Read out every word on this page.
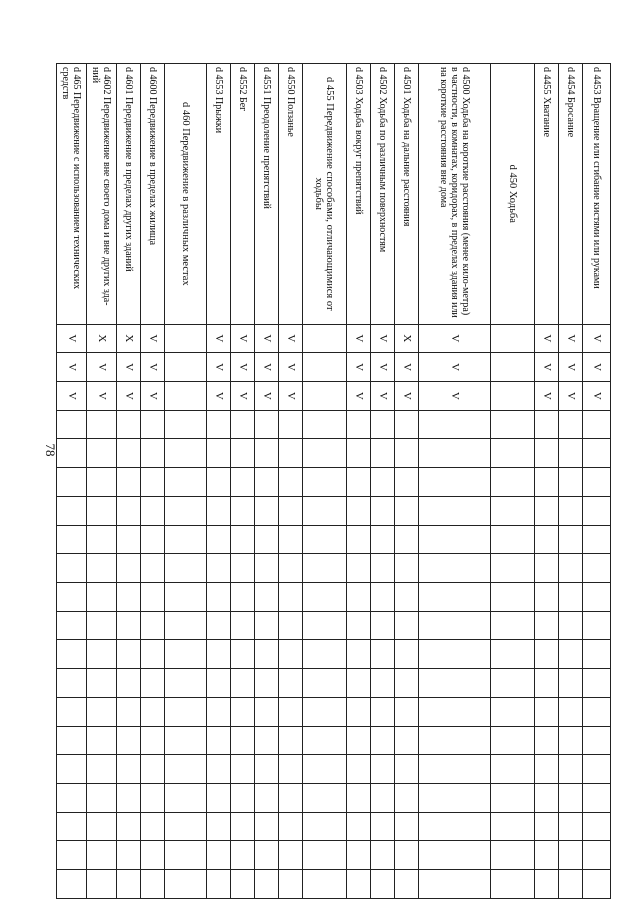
78
d 4453 Вращение или сгибание кистями или руками	V	V	V																	
d 4454 Бросание	V	V	V																	
d 4455 Хватание	V	V	V																	
d 450 Ходьба																				
d 4500 Ходьба на короткие расстояния (менее кило-метра) в частности, в комнатах, коридорах, в пределах здания или на короткие расстояния вне дома	V	V	V																	
d 4501 Ходьба на дальние расстояния	X	V	V																	
d 4502 Ходьба по различным поверхностям	V	V	V																	
d 4503 Ходьба вокруг препятствий	V	V	V																	
d 455 Передвижение способами, отличающимися от ходьбы																				
d 4550 Ползанье	V	V	V																	
d 4551 Преодоление препятствий	V	V	V																	
d 4552 Бег	V	V	V																	
d 4553 Прыжки	V	V	V																	
d 460 Передвижение в различных местах																				
d 4600 Передвижение в пределах жилища	V	V	V																	
d 4601 Передвижение в пределах других зданий	X	V	V																	
d 4602 Передвижение вне своего дома и вне других зда-ний	X	V	V																	
d 465 Передвижение с использованием технических средств	V	V	V																	
